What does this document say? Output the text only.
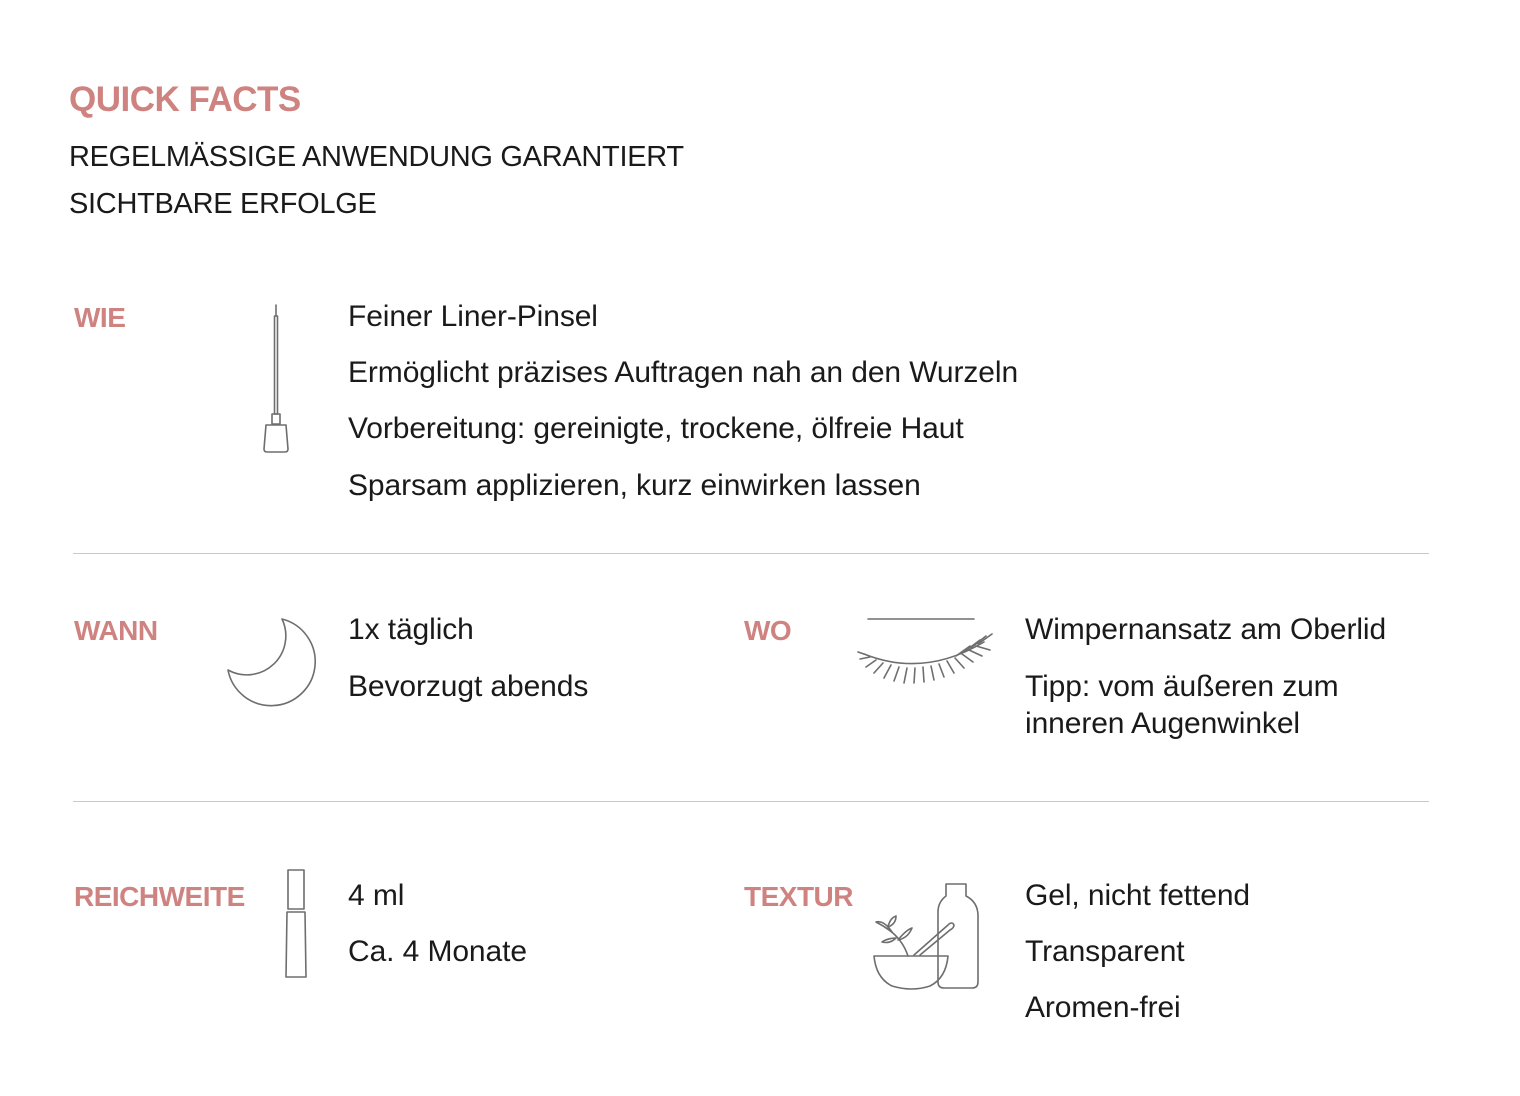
QUICK FACTS

REGELMÄSSIGE ANWENDUNG GARANTIERT

SICHTBARE ERFOLGE

WIE	Feiner Liner-Pinsel
Ermöglicht präzises Auftragen nah an den Wurzeln
Vorbereitung: gereinigte, trockene, ölfreie Haut
Sparsam applizieren, kurz einwirken lassen
WANN	1x täglich
Bevorzugt abends
WO	Wimpernansatz am Oberlid
Tipp: vom äußeren zum
inneren Augenwinkel
REICHWEITE	4 ml
Ca. 4 Monate
TEXTUR	Gel, nicht fettend
Transparent
Aromen-frei
